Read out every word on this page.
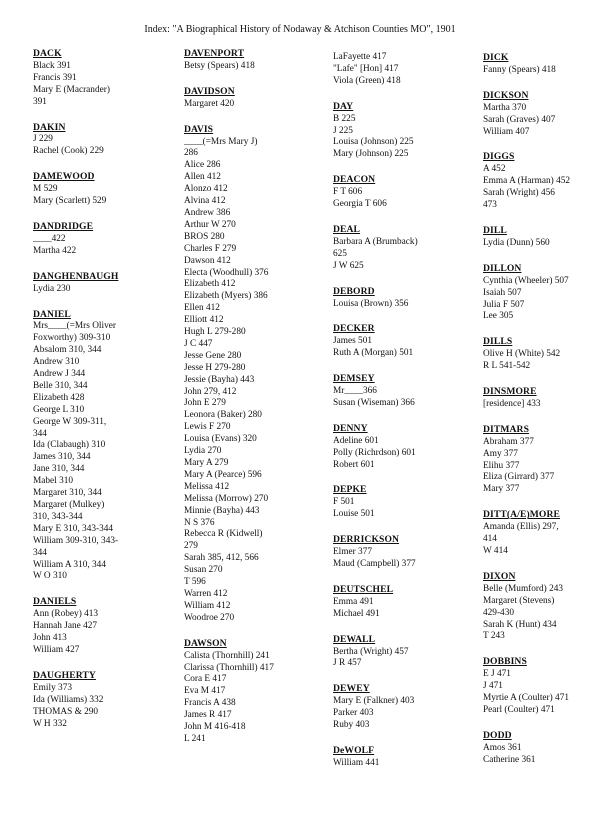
Index: "A Biographical History of Nodaway & Atchison Counties MO", 1901
DACK
Black 391
Francis 391
Mary E (Macrander)
391
DAKIN
J 229
Rachel (Cook) 229
DAMEWOOD
M 529
Mary (Scarlett) 529
DANDRIDGE
____422
Martha 422
DANGHENBAUGH
Lydia 230
DANIEL
Mrs____(=Mrs Oliver
Foxworthy) 309-310
Absalom 310, 344
Andrew 310
Andrew J 344
Belle 310, 344
Elizabeth 428
George L 310
George W 309-311,
344
Ida (Clabaugh) 310
James 310, 344
Jane 310, 344
Mabel 310
Margaret 310, 344
Margaret (Mulkey)
310, 343-344
Mary E 310, 343-344
William 309-310, 343-
344
William A 310, 344
W O 310
DANIELS
Ann (Robey) 413
Hannah Jane 427
John 413
William 427
DAUGHERTY
Emily 373
Ida (Williams) 332
THOMAS & 290
W H 332
DAVENPORT
Betsy (Spears) 418
DAVIDSON
Margaret 420
DAVIS
____(=Mrs Mary J)
286
Alice 286
Allen 412
Alonzo 412
Alvina 412
Andrew 386
Arthur W 270
BROS 280
Charles F 279
Dawson 412
Electa (Woodhull) 376
Elizabeth 412
Elizabeth (Myers) 386
Ellen 412
Elliott 412
Hugh L 279-280
J C 447
Jesse Gene 280
Jesse H 279-280
Jessie (Bayha) 443
John 279, 412
John E 279
Leonora (Baker) 280
Lewis F 270
Louisa (Evans) 320
Lydia 270
Mary A 279
Mary A (Pearce) 596
Melissa 412
Melissa (Morrow) 270
Minnie (Bayha) 443
N S 376
Rebecca R (Kidwell)
279
Sarah 385, 412, 566
Susan 270
T 596
Warren 412
William 412
Woodroe 270
DAWSON
Calista (Thornhill) 241
Clarissa (Thornhill) 417
Cora E 417
Eva M 417
Francis A 438
James R 417
John M 416-418
L 241
LaFayette 417
"Lafe" [Hon] 417
Viola (Green) 418
DAY
B 225
J 225
Louisa (Johnson) 225
Mary (Johnson) 225
DEACON
F T 606
Georgia T 606
DEAL
Barbara A (Brumback)
625
J W 625
DEBORD
Louisa (Brown) 356
DECKER
James 501
Ruth A (Morgan) 501
DEMSEY
Mr____366
Susan (Wiseman) 366
DENNY
Adeline 601
Polly (Richrdson) 601
Robert 601
DEPKE
F 501
Louise 501
DERRICKSON
Elmer 377
Maud (Campbell) 377
DEUTSCHEL
Emma 491
Michael 491
DEWALL
Bertha (Wright) 457
J R 457
DEWEY
Mary E (Falkner) 403
Parker 403
Ruby 403
DeWOLF
William 441
DICK
Fanny (Spears) 418
DICKSON
Martha 370
Sarah (Graves) 407
William 407
DIGGS
A 452
Emma A (Harman) 452
Sarah (Wright) 456
473
DILL
Lydia (Dunn) 560
DILLON
Cynthia (Wheeler) 507
Isaiah 507
Julia F 507
Lee 305
DILLS
Olive H (White) 542
R L 541-542
DINSMORE
[residence] 433
DITMARS
Abraham 377
Amy 377
Elihu 377
Eliza (Girrard) 377
Mary 377
DITT(A/E)MORE
Amanda (Ellis) 297,
414
W 414
DIXON
Belle (Mumford) 243
Margaret (Stevens)
429-430
Sarah K (Hunt) 434
T 243
DOBBINS
E J 471
J 471
Myrtie A (Coulter) 471
Pearl (Coulter) 471
DODD
Amos 361
Catherine 361
